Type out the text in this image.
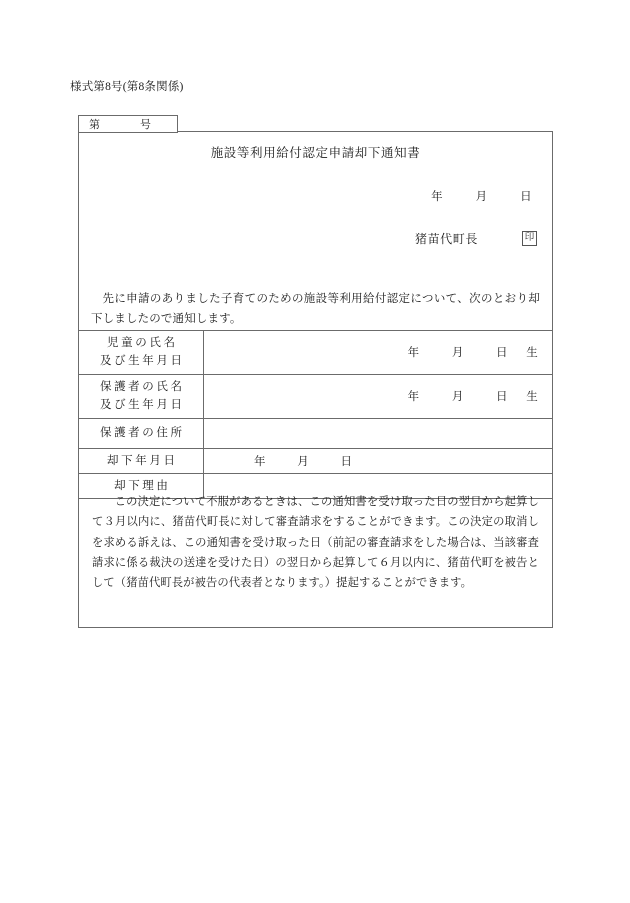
様式第8号(第8条関係)
第	号
施設等利用給付認定申請却下通知書
年	月	日
猪苗代町長	印
先に申請のありました子育てのための施設等利用給付認定について、次のとおり却下しましたので通知します。
児童の氏名
及び生年月日	年 月 日 生

保護者の氏名
及び生年月日	年 月 日 生

保護者の住所	

却下年月日	年 月 日

却下理由	

この決定について不服があるときは、この通知書を受け取った日の翌日から起算して３月以内に、猪苗代町長に対して審査請求をすることができます。この決定の取消しを求める訴えは、この通知書を受け取った日（前記の審査請求をした場合は、当該審査請求に係る裁決の送達を受けた日）の翌日から起算して６月以内に、猪苗代町を被告として（猪苗代町長が被告の代表者となります。）提起することができます。
